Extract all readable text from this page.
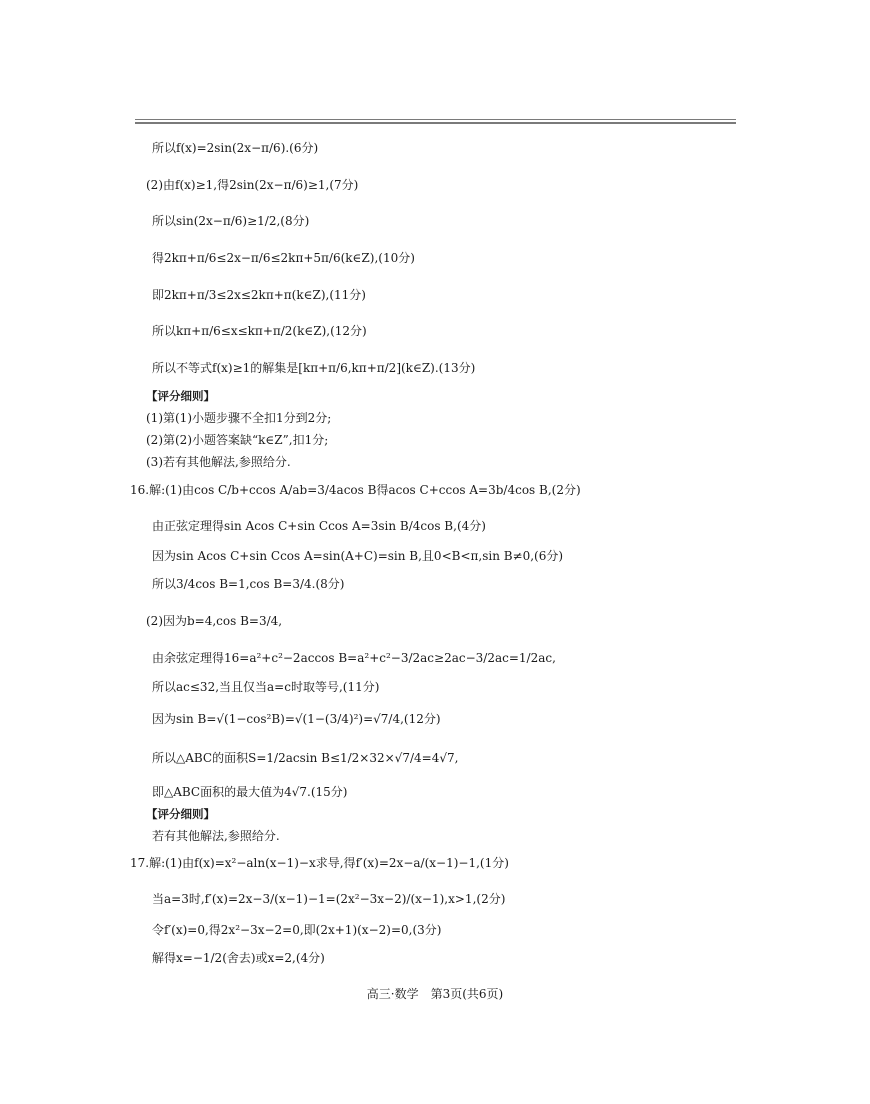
所以f(x)=2sin(2x−π/6).(6分)
(2)由f(x)≥1,得2sin(2x−π/6)≥1,(7分)
所以sin(2x−π/6)≥1/2,(8分)
得2kπ+π/6≤2x−π/6≤2kπ+5π/6(k∈Z),(10分)
即2kπ+π/3≤2x≤2kπ+π(k∈Z),(11分)
所以kπ+π/6≤x≤kπ+π/2(k∈Z),(12分)
所以不等式f(x)≥1的解集是[kπ+π/6,kπ+π/2](k∈Z).(13分)
【评分细则】
(1)第(1)小题步骤不全扣1分到2分;
(2)第(2)小题答案缺“k∈Z”,扣1分;
(3)若有其他解法,参照给分.
16.解:(1)由cos C/b+ccos A/ab=3/4acos B得acos C+ccos A=3b/4cos B,(2分)
由正弦定理得sin Acos C+sin Ccos A=3sin B/4cos B,(4分)
因为sin Acos C+sin Ccos A=sin(A+C)=sin B,且0<B<π,sin B≠0,(6分)
所以3/4cos B=1,cos B=3/4.(8分)
(2)因为b=4,cos B=3/4,
由余弦定理得16=a²+c²−2accos B=a²+c²−3/2ac≥2ac−3/2ac=1/2ac,
所以ac≤32,当且仅当a=c时取等号,(11分)
因为sin B=√(1−cos²B)=√(1−(3/4)²)=√7/4,(12分)
所以△ABC的面积S=1/2acsin B≤1/2×32×√7/4=4√7,
即△ABC面积的最大值为4√7.(15分)
【评分细则】
若有其他解法,参照给分.
17.解:(1)由f(x)=x²−aln(x−1)−x求导,得f′(x)=2x−a/(x−1)−1,(1分)
当a=3时,f′(x)=2x−3/(x−1)−1=(2x²−3x−2)/(x−1),x>1,(2分)
令f′(x)=0,得2x²−3x−2=0,即(2x+1)(x−2)=0,(3分)
解得x=−1/2(舍去)或x=2,(4分)
高三·数学　第3页(共6页)
